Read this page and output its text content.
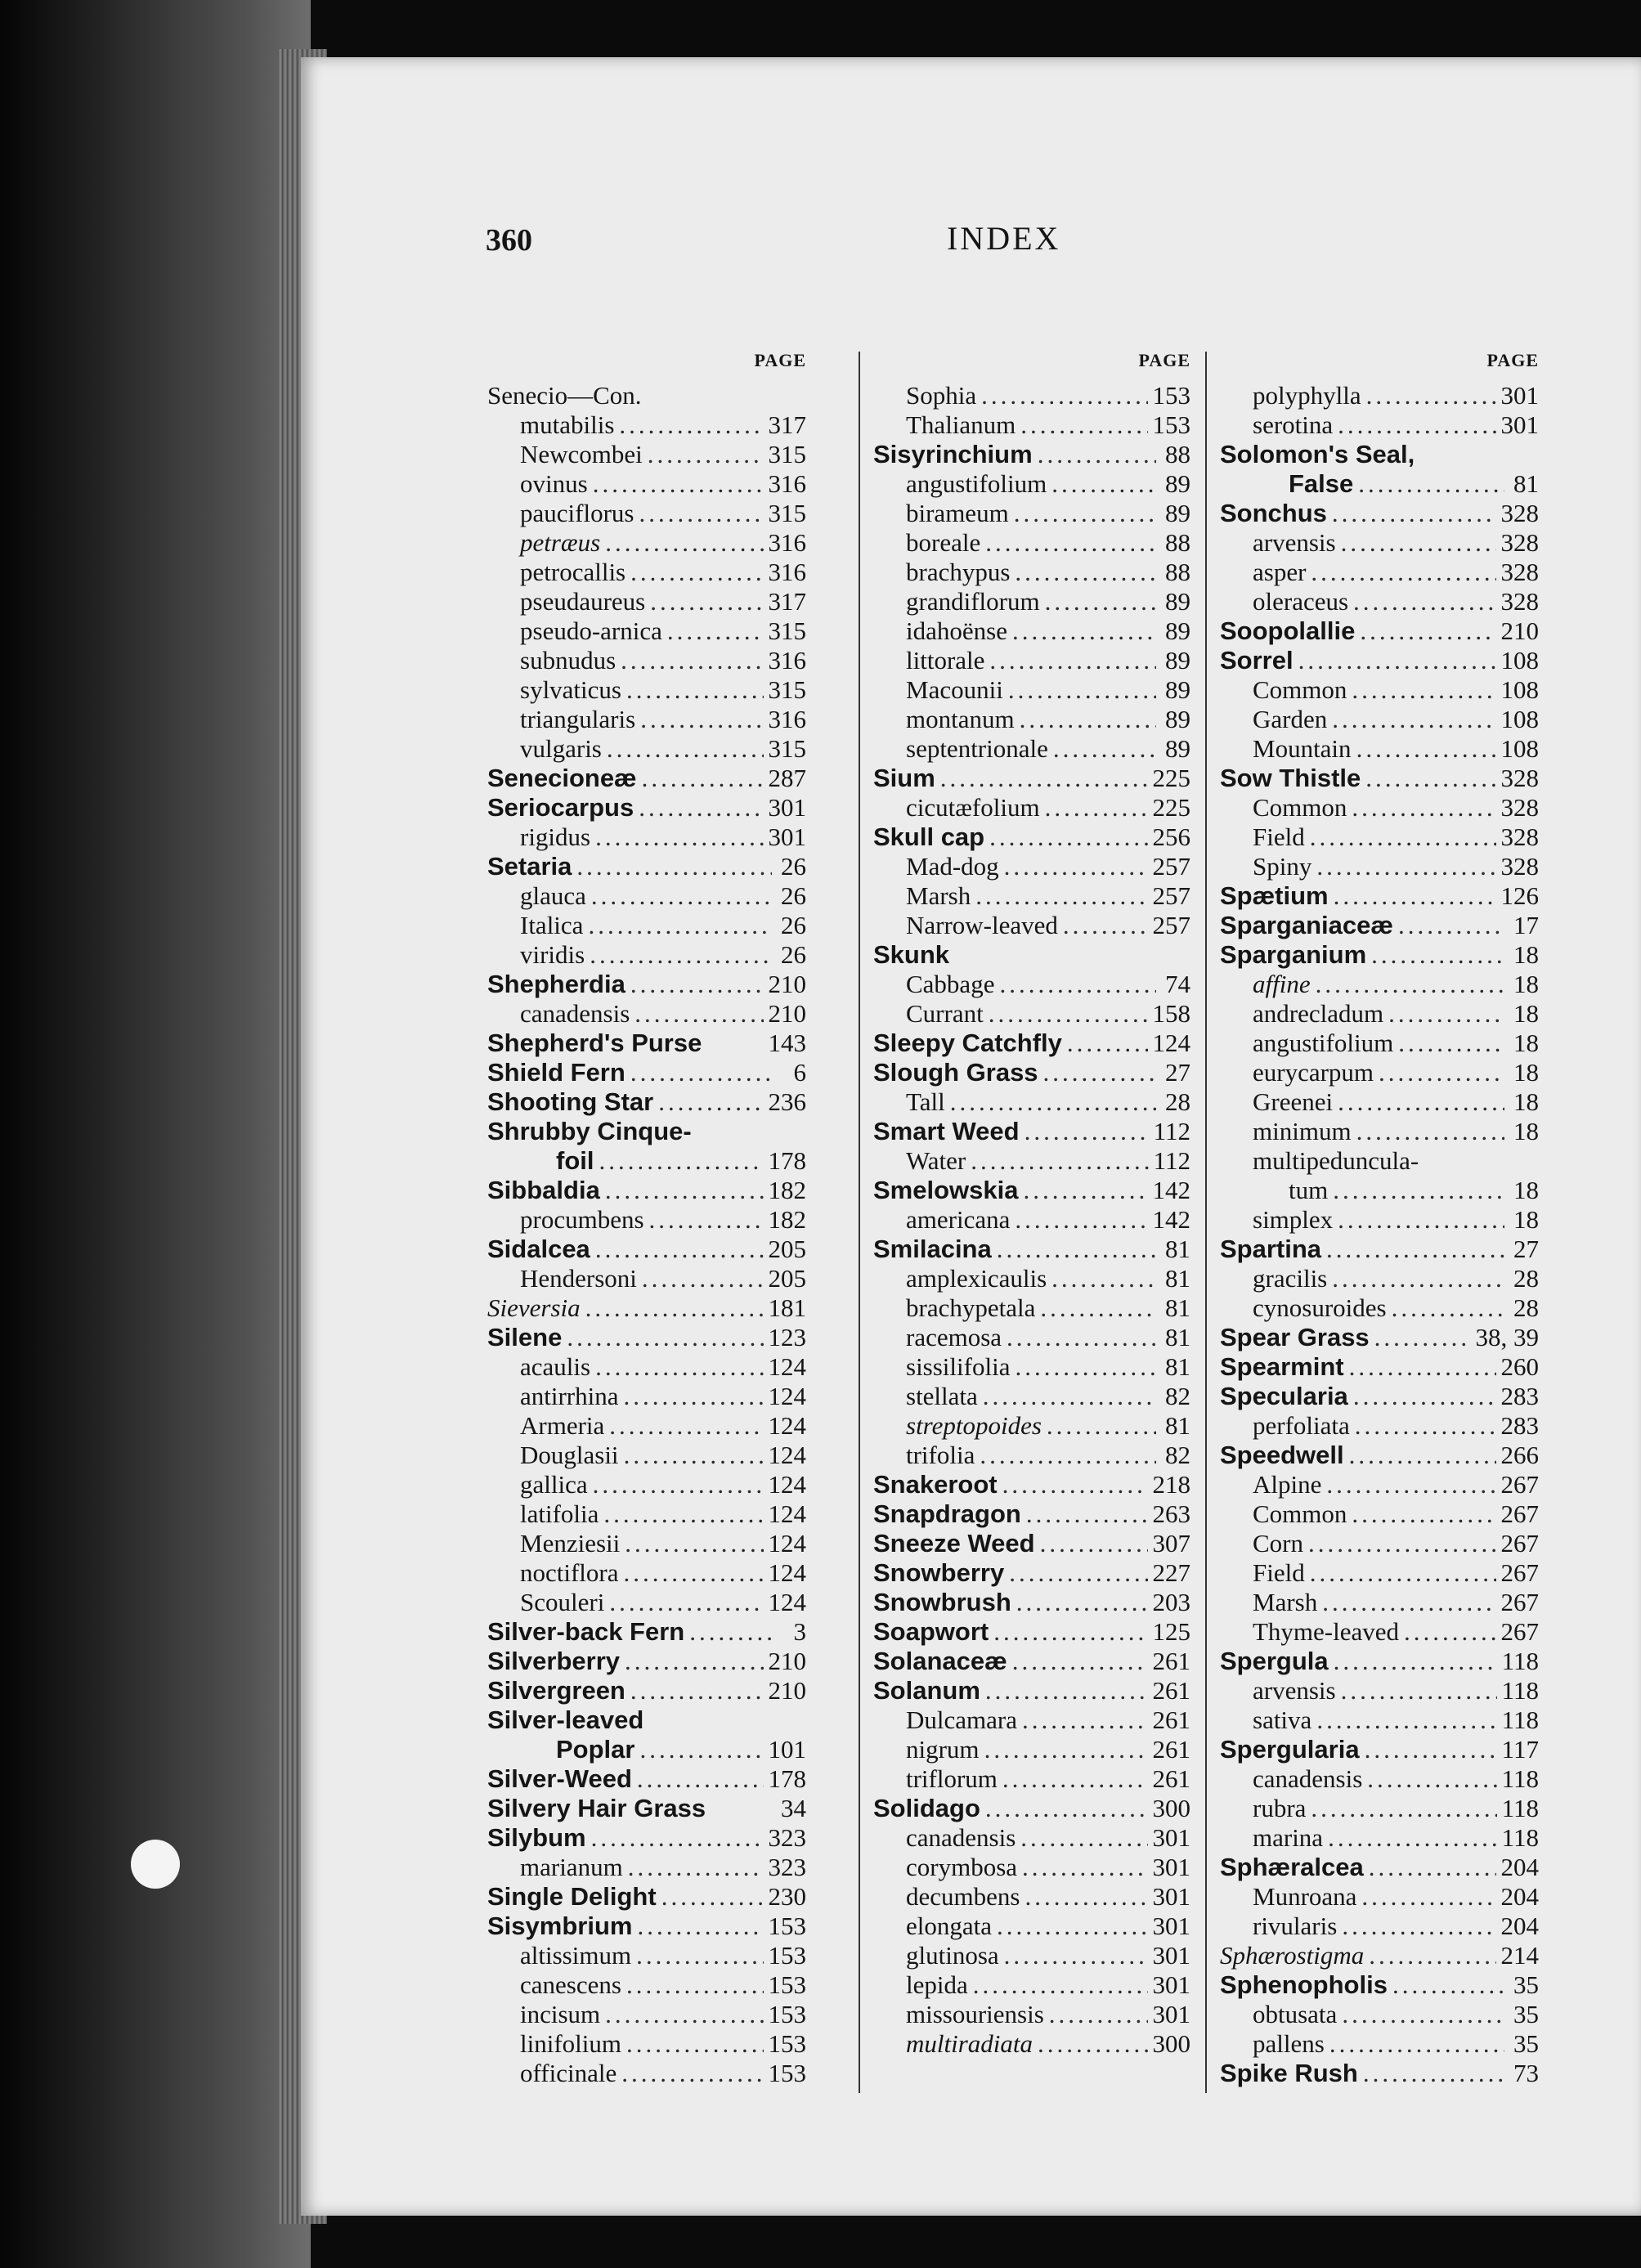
360	INDEX
PAGE
Senecio—Con.
mutabilis .....	317
Newcombei .....	315
ovinus .....	316
pauciflorus .....	315
petræus .....	316
petrocallis .....	316
pseudaureus .....	317
pseudo-arnica .....	315
subnudus .....	316
sylvaticus .....	315
triangularis .....	316
vulgaris .....	315
Senecioneæ .....	287
Seriocarpus .....	301
rigidus .....	301
Setaria .....	26
glauca .....	26
Italica .....	26
viridis .....	26
Shepherdia .....	210
canadensis .....	210
Shepherd's Purse	143
Shield Fern .....	6
Shooting Star .....	236
Shrubby Cinque-
foil .....	178
Sibbaldia .....	182
procumbens .....	182
Sidalcea .....	205
Hendersoni .....	205
Sieversia .....	181
Silene .....	123
acaulis .....	124
antirrhina .....	124
Armeria .....	124
Douglasii .....	124
gallica .....	124
latifolia .....	124
Menziesii .....	124
noctiflora .....	124
Scouleri .....	124
Silver-back Fern .....	3
Silverberry .....	210
Silvergreen .....	210
Silver-leaved
Poplar .....	101
Silver-Weed .....	178
Silvery Hair Grass	34
Silybum .....	323
marianum .....	323
Single Delight .....	230
Sisymbrium .....	153
altissimum .....	153
canescens .....	153
incisum .....	153
linifolium .....	153
officinale .....	153
PAGE
Sophia .....	153
Thalianum .....	153
Sisyrinchium .....	88
angustifolium .....	89
birameum .....	89
boreale .....	88
brachypus .....	88
grandiflorum .....	89
idahoënse .....	89
littorale .....	89
Macounii .....	89
montanum .....	89
septentrionale .....	89
Sium .....	225
cicutæfolium .....	225
Skull cap .....	256
Mad-dog .....	257
Marsh .....	257
Narrow-leaved .....	257
Skunk
Cabbage .....	74
Currant .....	158
Sleepy Catchfly .....	124
Slough Grass .....	27
Tall .....	28
Smart Weed .....	112
Water .....	112
Smelowskia .....	142
americana .....	142
Smilacina .....	81
amplexicaulis .....	81
brachypetala .....	81
racemosa .....	81
sissilifolia .....	81
stellata .....	82
streptopoides .....	81
trifolia .....	82
Snakeroot .....	218
Snapdragon .....	263
Sneeze Weed .....	307
Snowberry .....	227
Snowbrush .....	203
Soapwort .....	125
Solanaceæ .....	261
Solanum .....	261
Dulcamara .....	261
nigrum .....	261
triflorum .....	261
Solidago .....	300
canadensis .....	301
corymbosa .....	301
decumbens .....	301
elongata .....	301
glutinosa .....	301
lepida .....	301
missouriensis .....	301
multiradiata .....	300
PAGE
polyphylla .....	301
serotina .....	301
Solomon's Seal,
False .....	81
Sonchus .....	328
arvensis .....	328
asper .....	328
oleraceus .....	328
Soopolallie .....	210
Sorrel .....	108
Common .....	108
Garden .....	108
Mountain .....	108
Sow Thistle .....	328
Common .....	328
Field .....	328
Spiny .....	328
Spætium .....	126
Sparganiaceæ .....	17
Sparganium .....	18
affine .....	18
andrecladum .....	18
angustifolium .....	18
eurycarpum .....	18
Greenei .....	18
minimum .....	18
multipeduncula-
tum .....	18
simplex .....	18
Spartina .....	27
gracilis .....	28
cynosuroides .....	28
Spear Grass .....	38, 39
Spearmint .....	260
Specularia .....	283
perfoliata .....	283
Speedwell .....	266
Alpine .....	267
Common .....	267
Corn .....	267
Field .....	267
Marsh .....	267
Thyme-leaved .....	267
Spergula .....	118
arvensis .....	118
sativa .....	118
Spergularia .....	117
canadensis .....	118
rubra .....	118
marina .....	118
Sphæralcea .....	204
Munroana .....	204
rivularis .....	204
Sphærostigma .....	214
Sphenopholis .....	35
obtusata .....	35
pallens .....	35
Spike Rush .....	73
